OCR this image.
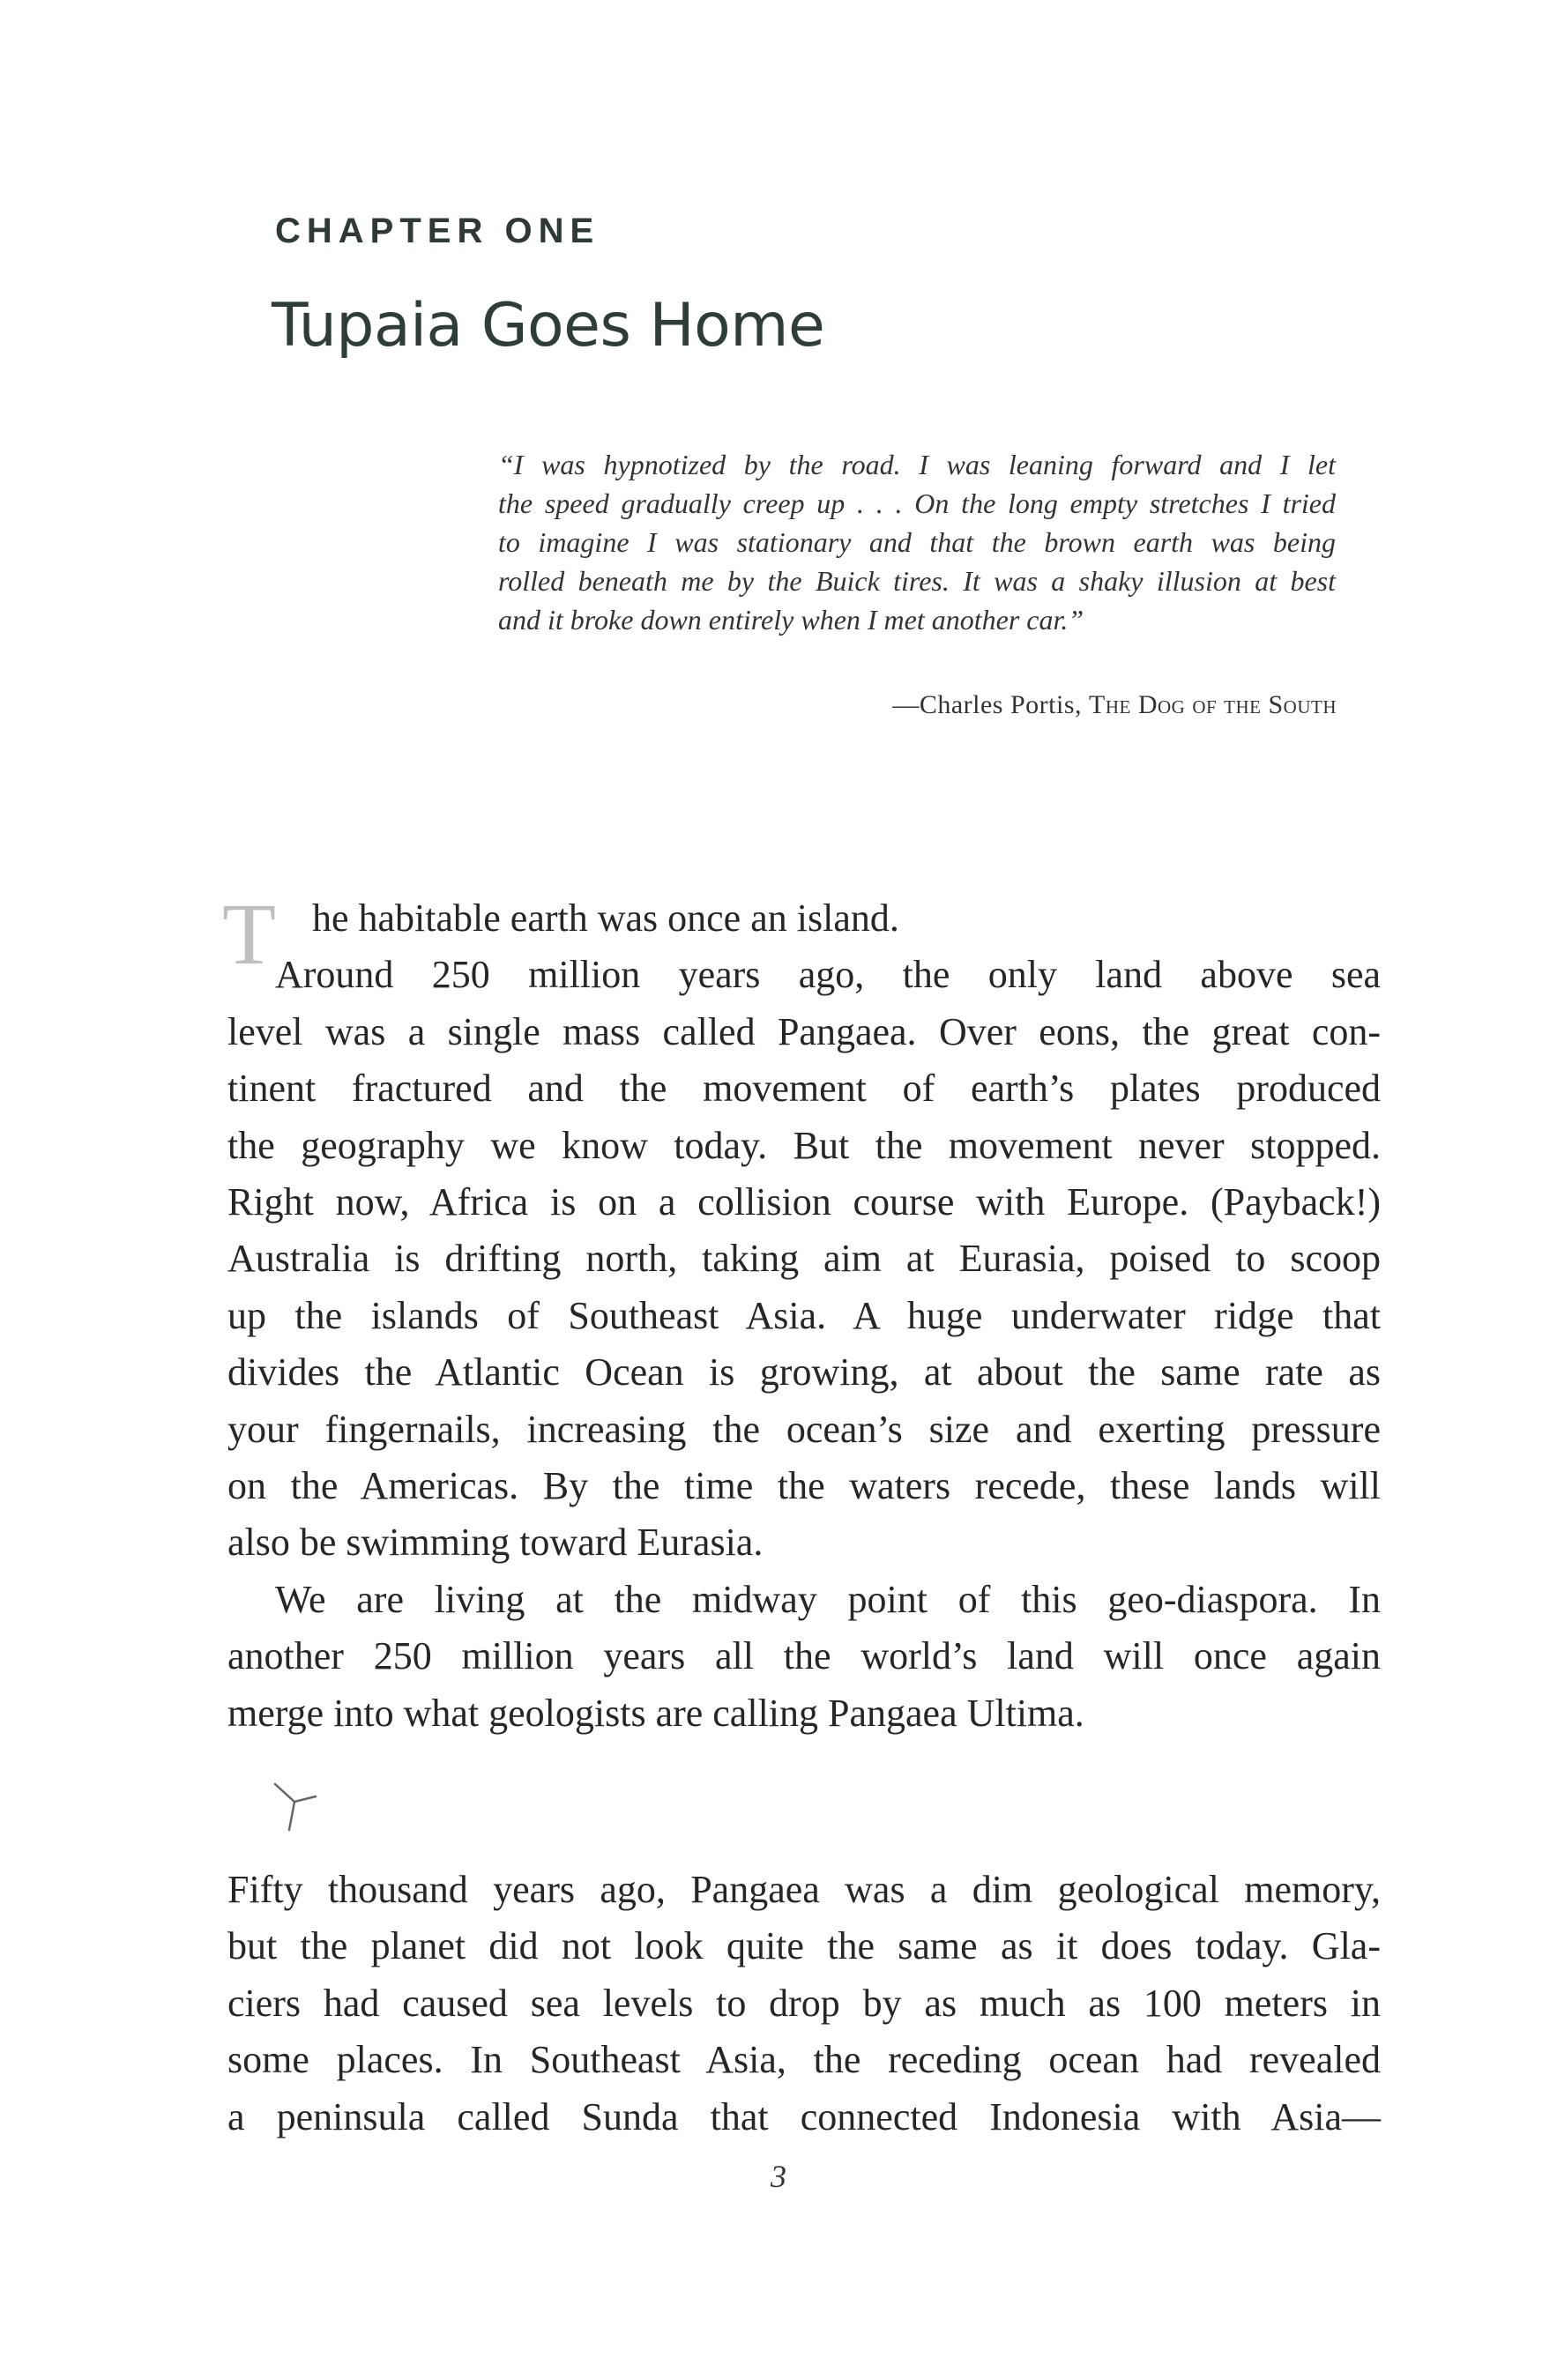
CHAPTER ONE
Tupaia Goes Home
“I was hypnotized by the road. I was leaning forward and I let
the speed gradually creep up . . . On the long empty stretches I tried
to imagine I was stationary and that the brown earth was being
rolled beneath me by the Buick tires. It was a shaky illusion at best
and it broke down entirely when I met another car.”

—Charles Portis, The Dog of the South

T he habitable earth was once an island.
Around 250 million years ago, the only land above sea
level was a single mass called Pangaea. Over eons, the great con-
tinent fractured and the movement of earth’s plates produced
the geography we know today. But the movement never stopped.
Right now, Africa is on a collision course with Europe. (Payback!)
Australia is drifting north, taking aim at Eurasia, poised to scoop
up the islands of Southeast Asia. A huge underwater ridge that
divides the Atlantic Ocean is growing, at about the same rate as
your fingernails, increasing the ocean’s size and exerting pressure
on the Americas. By the time the waters recede, these lands will
also be swimming toward Eurasia.
We are living at the midway point of this geo-diaspora. In
another 250 million years all the world’s land will once again
merge into what geologists are calling Pangaea Ultima.
Fifty thousand years ago, Pangaea was a dim geological memory,
but the planet did not look quite the same as it does today. Gla-
ciers had caused sea levels to drop by as much as 100 meters in
some places. In Southeast Asia, the receding ocean had revealed
a peninsula called Sunda that connected Indonesia with Asia—

3
